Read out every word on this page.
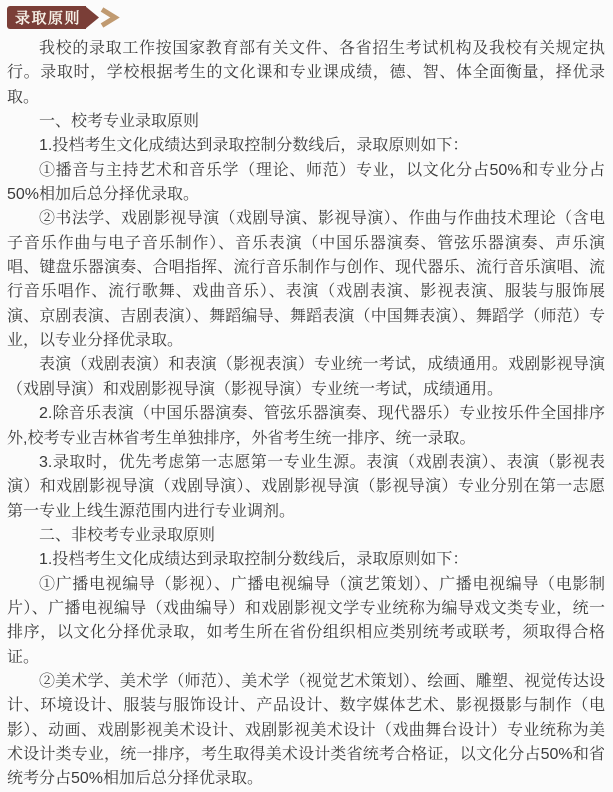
录取原则

我校的录取工作按国家教育部有关文件、各省招生考试机构及我校有关规定执行。录取时，学校根据考生的文化课和专业课成绩，德、智、体全面衡量，择优录取。

一、校考专业录取原则

1.投档考生文化成绩达到录取控制分数线后，录取原则如下：

①播音与主持艺术和音乐学（理论、师范）专业，以文化分占50%和专业分占50%相加后总分择优录取。

②书法学、戏剧影视导演（戏剧导演、影视导演）、作曲与作曲技术理论（含电子音乐作曲与电子音乐制作）、音乐表演（中国乐器演奏、管弦乐器演奏、声乐演唱、键盘乐器演奏、合唱指挥、流行音乐制作与创作、现代器乐、流行音乐演唱、流行音乐唱作、流行歌舞、戏曲音乐）、表演（戏剧表演、影视表演、服装与服饰展演、京剧表演、吉剧表演）、舞蹈编导、舞蹈表演（中国舞表演）、舞蹈学（师范）专业，以专业分择优录取。

表演（戏剧表演）和表演（影视表演）专业统一考试，成绩通用。戏剧影视导演（戏剧导演）和戏剧影视导演（影视导演）专业统一考试，成绩通用。

2.除音乐表演（中国乐器演奏、管弦乐器演奏、现代器乐）专业按乐件全国排序外,校考专业吉林省考生单独排序，外省考生统一排序、统一录取。

3.录取时，优先考虑第一志愿第一专业生源。表演（戏剧表演）、表演（影视表演）和戏剧影视导演（戏剧导演）、戏剧影视导演（影视导演）专业分别在第一志愿第一专业上线生源范围内进行专业调剂。

二、非校考专业录取原则

1.投档考生文化成绩达到录取控制分数线后，录取原则如下：

①广播电视编导（影视）、广播电视编导（演艺策划）、广播电视编导（电影制片）、广播电视编导（戏曲编导）和戏剧影视文学专业统称为编导戏文类专业，统一排序，以文化分择优录取，如考生所在省份组织相应类别统考或联考，须取得合格证。

②美术学、美术学（师范）、美术学（视觉艺术策划）、绘画、雕塑、视觉传达设计、环境设计、服装与服饰设计、产品设计、数字媒体艺术、影视摄影与制作（电影）、动画、戏剧影视美术设计、戏剧影视美术设计（戏曲舞台设计）专业统称为美术设计类专业，统一排序，考生取得美术设计类省统考合格证，以文化分占50%和省统考分占50%相加后总分择优录取。
